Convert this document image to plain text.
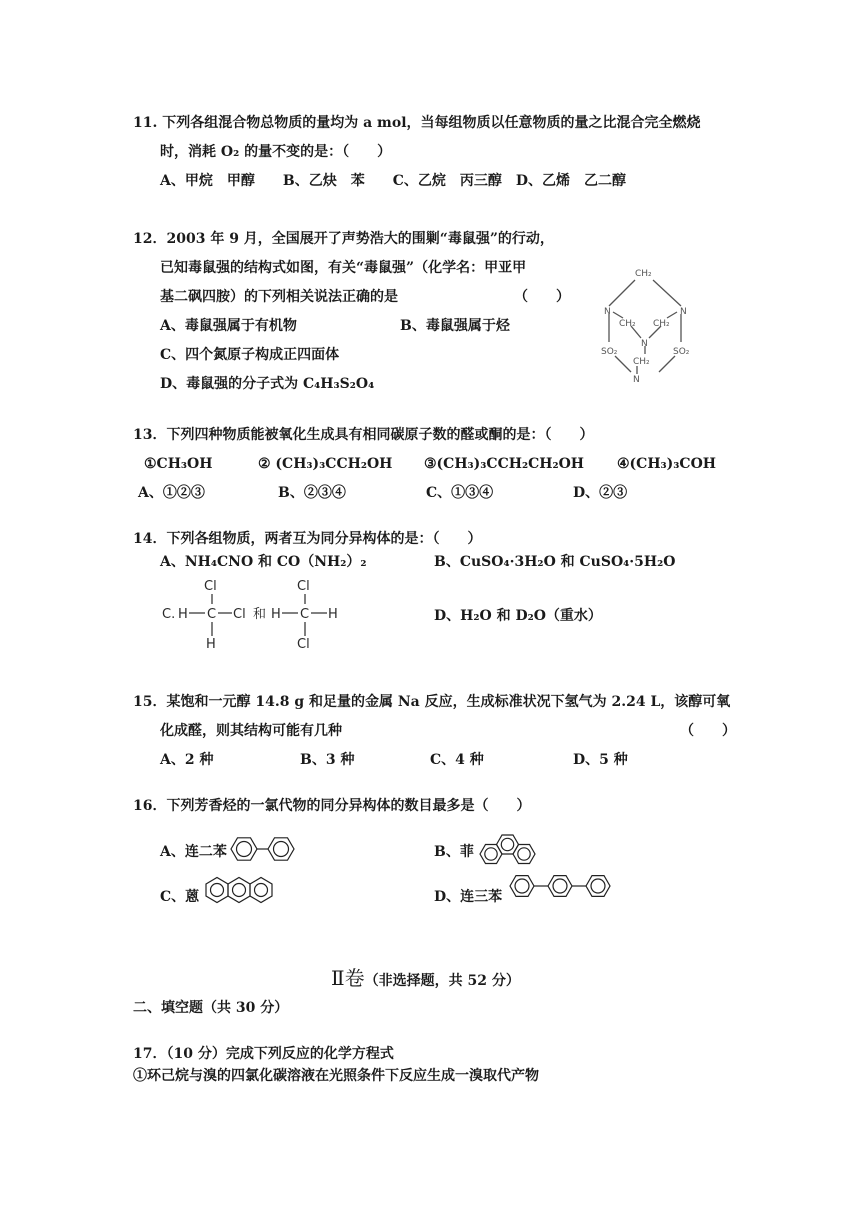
11. 下列各组混合物总物质的量均为 a mol，当每组物质以任意物质的量之比混合完全燃烧
时，消耗 O₂ 的量不变的是：（　　）
A、甲烷　甲醇　　B、乙炔　苯　　C、乙烷　丙三醇　D、乙烯　乙二醇
12．2003 年 9 月，全国展开了声势浩大的围剿“毒鼠强”的行动，
已知毒鼠强的结构式如图，有关“毒鼠强”（化学名：甲亚甲
基二砜四胺）的下列相关说法正确的是	（　　）
A、毒鼠强属于有机物	B、毒鼠强属于烃
C、四个氮原子构成正四面体
D、毒鼠强的分子式为 C₄H₃S₂O₄
CH₂
N	N
CH₂ CH₂
N
SO₂	SO₂
CH₂
N
13．下列四种物质能被氧化生成具有相同碳原子数的醛或酮的是：（　　）
①CH₃OH	② (CH₃)₃CCH₂OH ③(CH₃)₃CCH₂CH₂OH ④(CH₃)₃COH
A、①②③	B、②③④	C、①③④	D、②③
14．下列各组物质，两者互为同分异构体的是：（　　）
A、NH₄CNO 和 CO（NH₂）₂	B、CuSO₄·3H₂O 和 CuSO₄·5H₂O
D、H₂O 和 D₂O（重水）
C. H C
Cl
Cl
H
和 H C H
Cl
Cl
15．某饱和一元醇 14.8 g 和足量的金属 Na 反应，生成标准状况下氢气为 2.24 L，该醇可氧
化成醛，则其结构可能有几种	（　　）
A、2 种	B、3 种	C、4 种	D、5 种
16．下列芳香烃的一氯代物的同分异构体的数目最多是（　　）
A、连二苯	B、菲
C、蒽	D、连三苯
Ⅱ卷（非选择题，共 52 分）
二、填空题（共 30 分）
17．（10 分）完成下列反应的化学方程式
①环己烷与溴的四氯化碳溶液在光照条件下反应生成一溴取代产物
